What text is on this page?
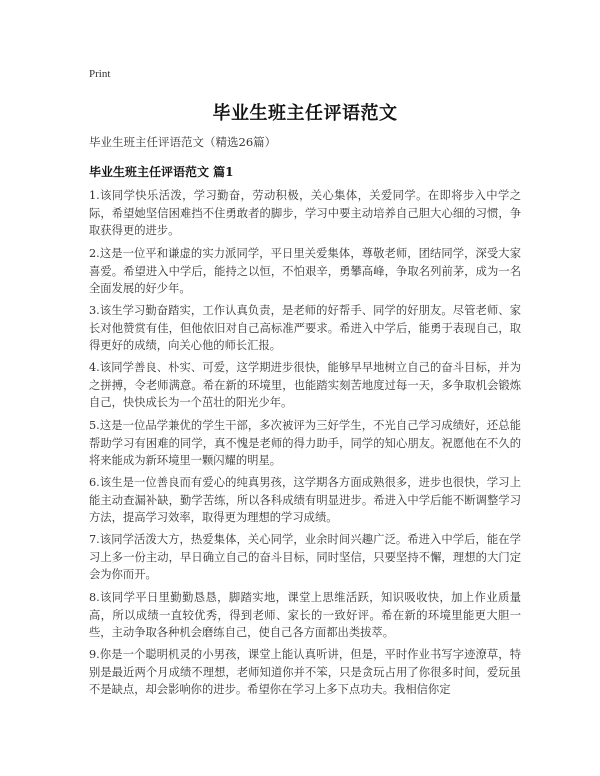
Print
毕业生班主任评语范文
毕业生班主任评语范文（精选26篇）
毕业生班主任评语范文 篇1

1.该同学快乐活泼，学习勤奋，劳动积极，关心集体，关爱同学。在即将步入中学之际，希望她坚信困难挡不住勇敢者的脚步，学习中要主动培养自己胆大心细的习惯，争取获得更的进步。

2.这是一位平和谦虚的实力派同学，平日里关爱集体，尊敬老师，团结同学，深受大家喜爱。希望进入中学后，能持之以恒，不怕艰辛，勇攀高峰，争取名列前茅，成为一名全面发展的好少年。

3.该生学习勤奋踏实，工作认真负责，是老师的好帮手、同学的好朋友。尽管老师、家长对他赞赏有佳，但他依旧对自己高标准严要求。希进入中学后，能勇于表现自己，取得更好的成绩，向关心他的师长汇报。

4.该同学善良、朴实、可爱，这学期进步很快，能够早早地树立自己的奋斗目标，并为之拼搏，令老师满意。希在新的环境里，也能踏实刻苦地度过每一天，多争取机会锻炼自己，快快成长为一个茁壮的阳光少年。

5.这是一位品学兼优的学生干部，多次被评为三好学生，不光自己学习成绩好，还总能帮助学习有困难的同学，真不愧是老师的得力助手，同学的知心朋友。祝愿他在不久的将来能成为新环境里一颗闪耀的明星。

6.该生是一位善良而有爱心的纯真男孩，这学期各方面成熟很多，进步也很快，学习上能主动查漏补缺，勤学苦练，所以各科成绩有明显进步。希进入中学后能不断调整学习方法，提高学习效率，取得更为理想的学习成绩。

7.该同学活泼大方，热爱集体，关心同学，业余时间兴趣广泛。希进入中学后，能在学习上多一份主动，早日确立自己的奋斗目标，同时坚信，只要坚持不懈，理想的大门定会为你而开。

8.该同学平日里勤勤恳恳，脚踏实地，课堂上思维活跃，知识吸收快，加上作业质量高，所以成绩一直较优秀，得到老师、家长的一致好评。希在新的环境里能更大胆一些，主动争取各种机会磨练自己，使自己各方面都出类拔萃。

9.你是一个聪明机灵的小男孩，课堂上能认真听讲，但是，平时作业书写字迹潦草，特别是最近两个月成绩不理想，老师知道你并不笨，只是贪玩占用了你很多时间，爱玩虽不是缺点，却会影响你的进步。希望你在学习上多下点功夫。我相信你定
